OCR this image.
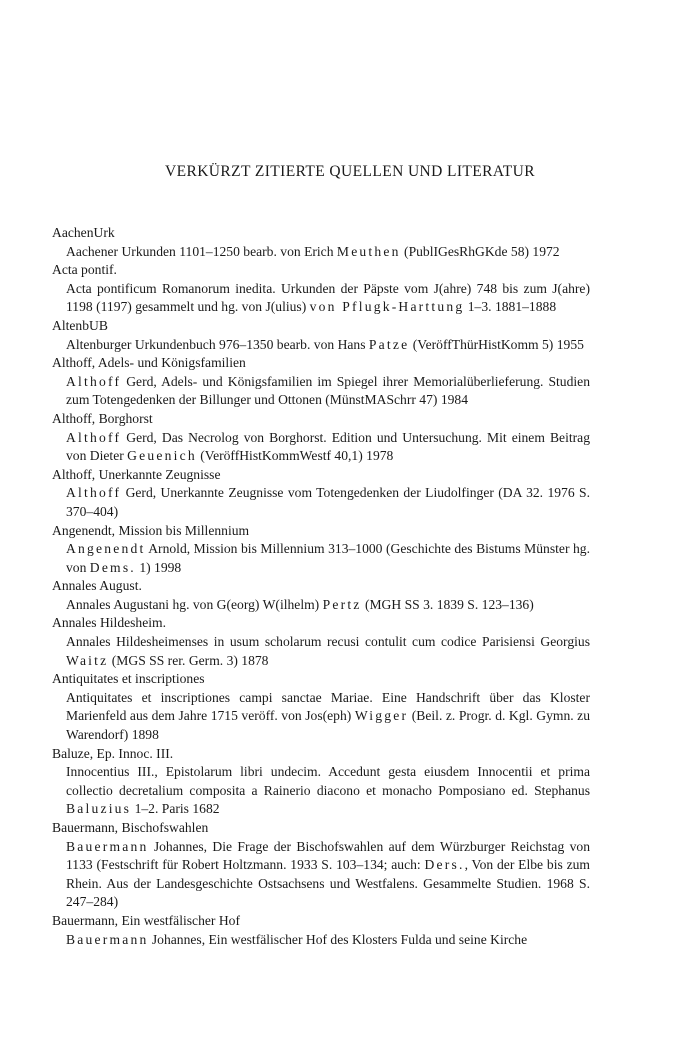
VERKÜRZT ZITIERTE QUELLEN UND LITERATUR
AachenUrk
Aachener Urkunden 1101–1250 bearb. von Erich Meuthen (PublIGesRhGKde 58) 1972
Acta pontif.
Acta pontificum Romanorum inedita. Urkunden der Päpste vom J(ahre) 748 bis zum J(ahre) 1198 (1197) gesammelt und hg. von J(ulius) von Pflugk-Harttung 1–3. 1881–1888
AltenbUB
Altenburger Urkundenbuch 976–1350 bearb. von Hans Patze (VeröffThürHistKomm 5) 1955
Althoff, Adels- und Königsfamilien
Althoff Gerd, Adels- und Königsfamilien im Spiegel ihrer Memorialüberlieferung. Studien zum Totengedenken der Billunger und Ottonen (MünstMASchrr 47) 1984
Althoff, Borghorst
Althoff Gerd, Das Necrolog von Borghorst. Edition und Untersuchung. Mit einem Beitrag von Dieter Geuenich (VeröffHistKommWestf 40,1) 1978
Althoff, Unerkannte Zeugnisse
Althoff Gerd, Unerkannte Zeugnisse vom Totengedenken der Liudolfinger (DA 32. 1976 S. 370–404)
Angenendt, Mission bis Millennium
Angenendt Arnold, Mission bis Millennium 313–1000 (Geschichte des Bistums Münster hg. von Dems. 1) 1998
Annales August.
Annales Augustani hg. von G(eorg) W(ilhelm) Pertz (MGH SS 3. 1839 S. 123–136)
Annales Hildesheim.
Annales Hildesheimenses in usum scholarum recusi contulit cum codice Parisiensi Georgius Waitz (MGS SS rer. Germ. 3) 1878
Antiquitates et inscriptiones
Antiquitates et inscriptiones campi sanctae Mariae. Eine Handschrift über das Kloster Marienfeld aus dem Jahre 1715 veröff. von Jos(eph) Wigger (Beil. z. Progr. d. Kgl. Gymn. zu Warendorf) 1898
Baluze, Ep. Innoc. III.
Innocentius III., Epistolarum libri undecim. Accedunt gesta eiusdem Innocentii et prima collectio decretalium composita a Rainerio diacono et monacho Pomposiano ed. Stephanus Baluzius 1–2. Paris 1682
Bauermann, Bischofswahlen
Bauermann Johannes, Die Frage der Bischofswahlen auf dem Würzburger Reichstag von 1133 (Festschrift für Robert Holtzmann. 1933 S. 103–134; auch: Ders., Von der Elbe bis zum Rhein. Aus der Landesgeschichte Ostsachsens und Westfalens. Gesammelte Studien. 1968 S. 247–284)
Bauermann, Ein westfälischer Hof
Bauermann Johannes, Ein westfälischer Hof des Klosters Fulda und seine Kirche
